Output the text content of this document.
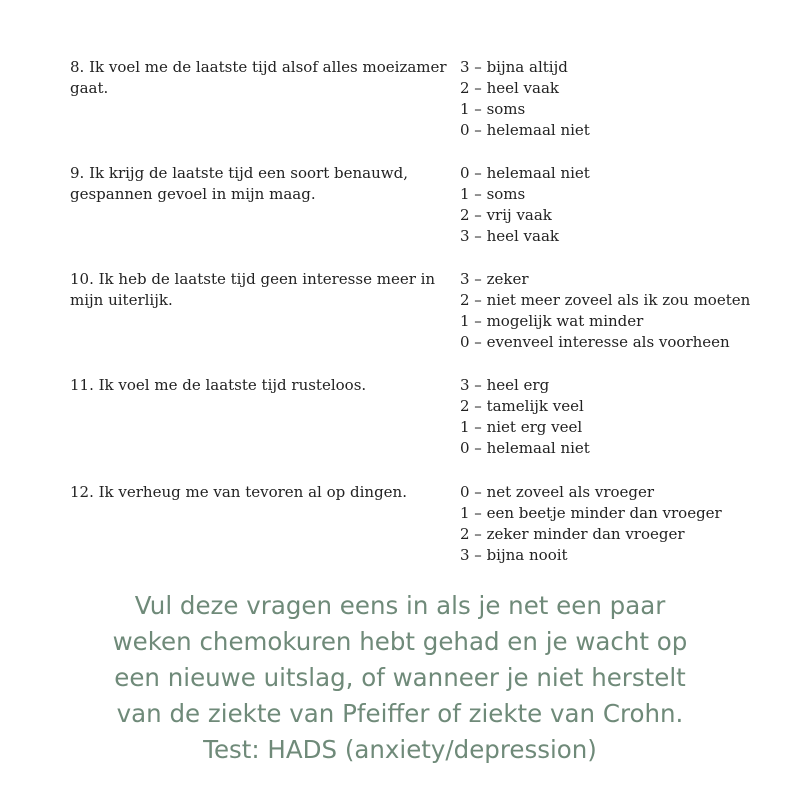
8. Ik voel me de laatste tijd alsof alles moeizamer gaat.
3 – bijna altijd
2 – heel vaak
1 – soms
0 – helemaal niet
9. Ik krijg de laatste tijd een soort benauwd, gespannen gevoel in mijn maag.
0 – helemaal niet
1 – soms
2 – vrij vaak
3 – heel vaak
10. Ik heb de laatste tijd geen interesse meer in mijn uiterlijk.
3 – zeker
2 – niet meer zoveel als ik zou moeten
1 – mogelijk wat minder
0 – evenveel interesse als voorheen
11. Ik voel me de laatste tijd rusteloos.	3 – heel erg
2 – tamelijk veel
1 – niet erg veel
0 – helemaal niet
12. Ik verheug me van tevoren al op dingen.	0 – net zoveel als vroeger
1 – een beetje minder dan vroeger
2 – zeker minder dan vroeger
3 – bijna nooit
Vul deze vragen eens in als je net een paar
weken chemokuren hebt gehad en je wacht op
een nieuwe uitslag, of wanneer je niet herstelt
van de ziekte van Pfeiffer of ziekte van Crohn.
Test: HADS (anxiety/depression)
